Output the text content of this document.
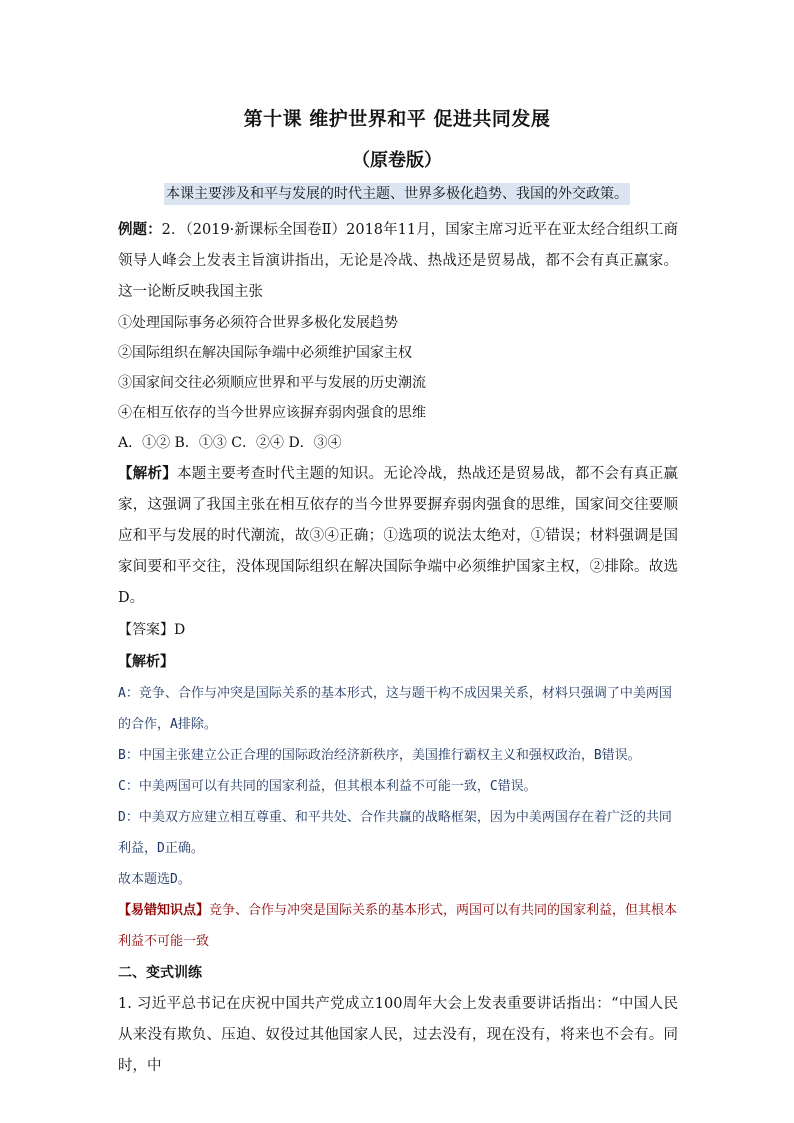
第十课 维护世界和平 促进共同发展
（原卷版）
本课主要涉及和平与发展的时代主题、世界多极化趋势、我国的外交政策。

例题：2．（2019·新课标全国卷Ⅱ）2018年11月，国家主席习近平在亚太经合组织工商领导人峰会上发表主旨演讲指出，无论是冷战、热战还是贸易战，都不会有真正赢家。这一论断反映我国主张

①处理国际事务必须符合世界多极化发展趋势

②国际组织在解决国际争端中必须维护国家主权

③国家间交往必须顺应世界和平与发展的历史潮流

④在相互依存的当今世界应该摒弃弱肉强食的思维

A．①② B．①③ C．②④ D．③④

【解析】本题主要考查时代主题的知识。无论冷战，热战还是贸易战，都不会有真正赢家，这强调了我国主张在相互依存的当今世界要摒弃弱肉强食的思维，国家间交往要顺应和平与发展的时代潮流，故③④正确；①选项的说法太绝对，①错误；材料强调是国家间要和平交往，没体现国际组织在解决国际争端中必须维护国家主权，②排除。故选D。

【答案】D

【解析】

A：竞争、合作与冲突是国际关系的基本形式，这与题干构不成因果关系，材料只强调了中美两国的合作，A排除。

B：中国主张建立公正合理的国际政治经济新秩序，美国推行霸权主义和强权政治，B错误。

C：中美两国可以有共同的国家利益，但其根本利益不可能一致，C错误。

D：中美双方应建立相互尊重、和平共处、合作共赢的战略框架，因为中美两国存在着广泛的共同利益，D正确。

故本题选D。

【易错知识点】竞争、合作与冲突是国际关系的基本形式，两国可以有共同的国家利益，但其根本利益不可能一致

二、变式训练

1. 习近平总书记在庆祝中国共产党成立100周年大会上发表重要讲话指出：“中国人民从来没有欺负、压迫、奴役过其他国家人民，过去没有，现在没有，将来也不会有。同时，中
